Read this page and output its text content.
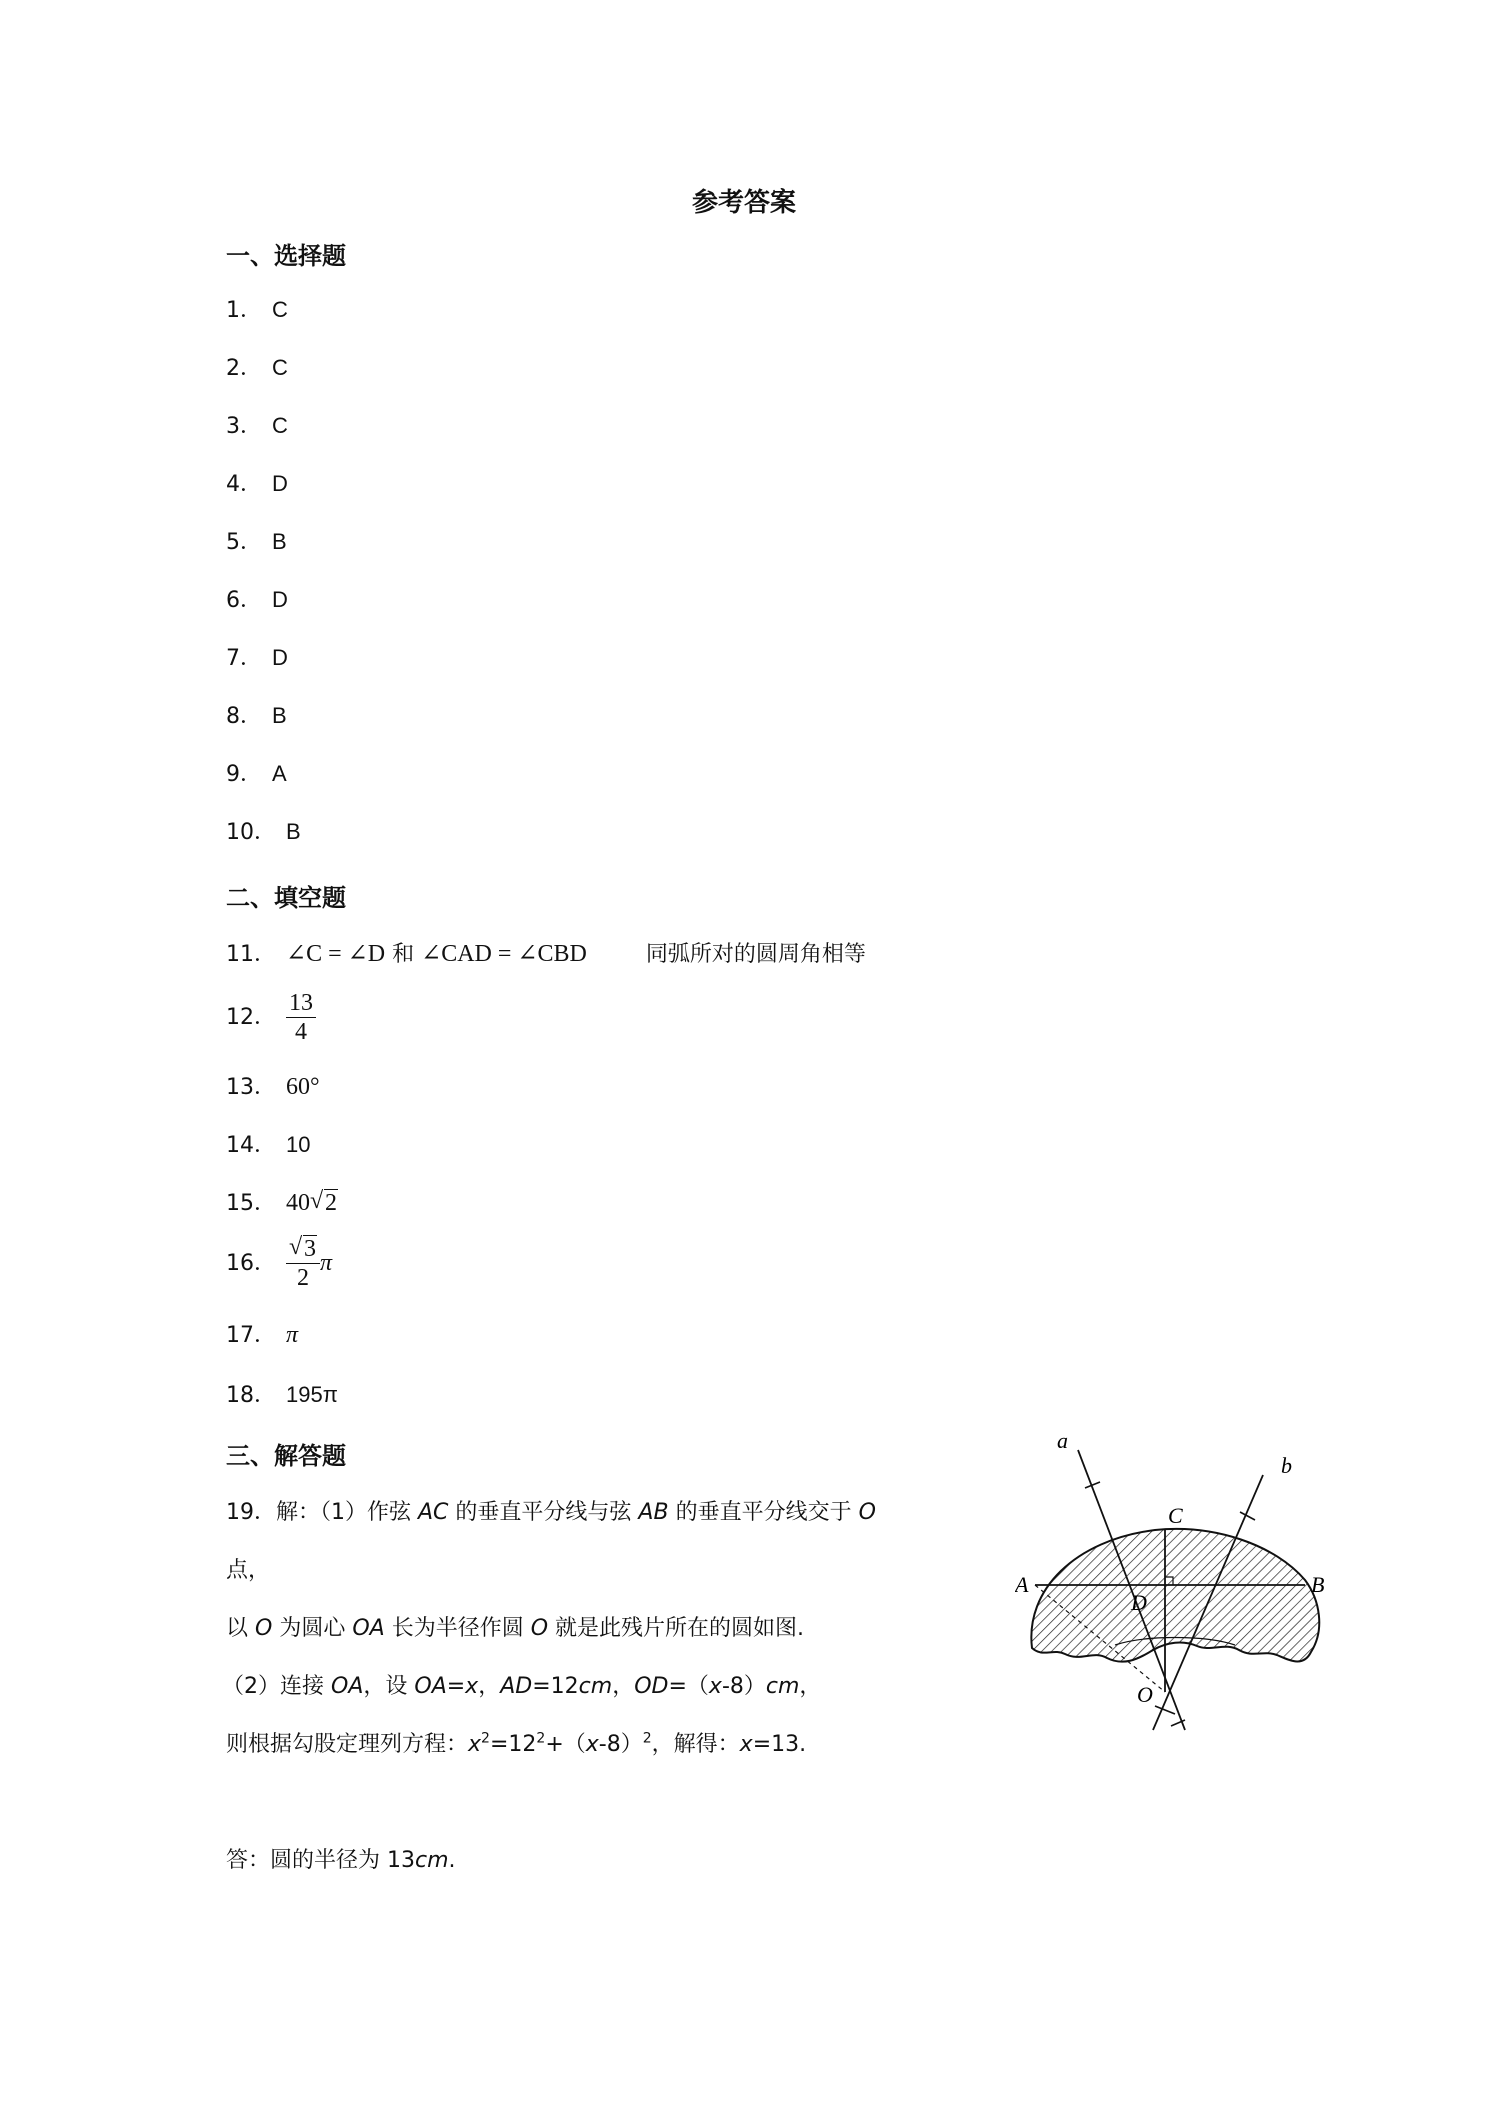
参考答案
一、选择题
1． C
2． C
3． C
4． D
5． B
6． D
7． D
8． B
9． A
10． B
二、填空题
11． ∠C = ∠D 和 ∠CAD = ∠CBD	同弧所对的圆周角相等
12． $\frac{13}{4}$
13． 60°
14． 10
15． 40 √ 2
16． $\frac{√ 3}{2}$ π
17． π
18． 195π
三、解答题
19．解：（1）作弦 AC 的垂直平分线与弦 AB 的垂直平分线交于 O
点，
以 O 为圆心 OA 长为半径作圆 O 就是此残片所在的圆如图.
（2）连接 OA，设 OA=x，AD=12cm，OD=（x-8）cm，
则根据勾股定理列方程：$x^2=12^2+(x-8)^2$，解得：x=13.
答：圆的半径为 13cm.
a
b
C
A	B
D
O
